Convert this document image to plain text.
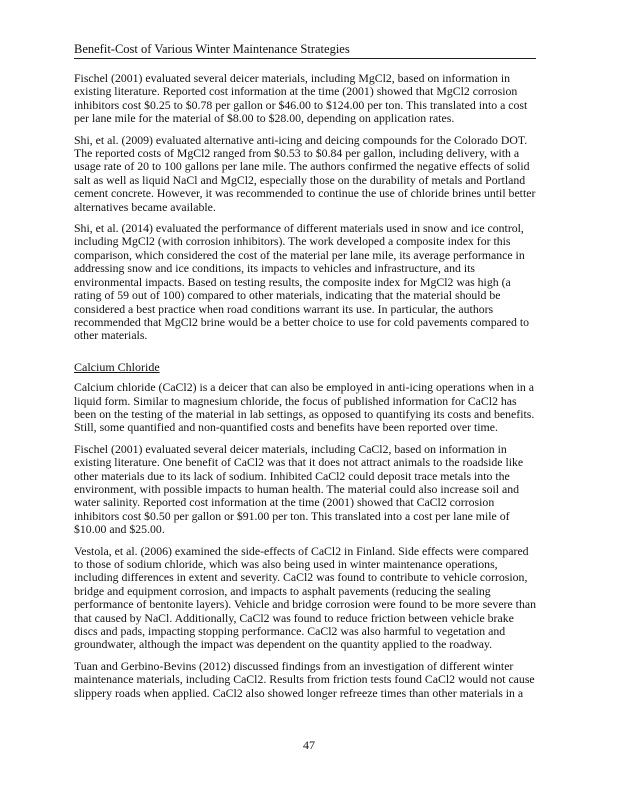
Benefit-Cost of Various Winter Maintenance Strategies

Fischel (2001) evaluated several deicer materials, including MgCl2, based on information in existing literature. Reported cost information at the time (2001) showed that MgCl2 corrosion inhibitors cost $0.25 to $0.78 per gallon or $46.00 to $124.00 per ton. This translated into a cost per lane mile for the material of $8.00 to $28.00, depending on application rates.

Shi, et al. (2009) evaluated alternative anti-icing and deicing compounds for the Colorado DOT. The reported costs of MgCl2 ranged from $0.53 to $0.84 per gallon, including delivery, with a usage rate of 20 to 100 gallons per lane mile. The authors confirmed the negative effects of solid salt as well as liquid NaCl and MgCl2, especially those on the durability of metals and Portland cement concrete. However, it was recommended to continue the use of chloride brines until better alternatives became available.

Shi, et al. (2014) evaluated the performance of different materials used in snow and ice control, including MgCl2 (with corrosion inhibitors). The work developed a composite index for this comparison, which considered the cost of the material per lane mile, its average performance in addressing snow and ice conditions, its impacts to vehicles and infrastructure, and its environmental impacts. Based on testing results, the composite index for MgCl2 was high (a rating of 59 out of 100) compared to other materials, indicating that the material should be considered a best practice when road conditions warrant its use. In particular, the authors recommended that MgCl2 brine would be a better choice to use for cold pavements compared to other materials.

Calcium Chloride

Calcium chloride (CaCl2) is a deicer that can also be employed in anti-icing operations when in a liquid form. Similar to magnesium chloride, the focus of published information for CaCl2 has been on the testing of the material in lab settings, as opposed to quantifying its costs and benefits. Still, some quantified and non-quantified costs and benefits have been reported over time.

Fischel (2001) evaluated several deicer materials, including CaCl2, based on information in existing literature. One benefit of CaCl2 was that it does not attract animals to the roadside like other materials due to its lack of sodium. Inhibited CaCl2 could deposit trace metals into the environment, with possible impacts to human health. The material could also increase soil and water salinity. Reported cost information at the time (2001) showed that CaCl2 corrosion inhibitors cost $0.50 per gallon or $91.00 per ton. This translated into a cost per lane mile of $10.00 and $25.00.

Vestola, et al. (2006) examined the side-effects of CaCl2 in Finland. Side effects were compared to those of sodium chloride, which was also being used in winter maintenance operations, including differences in extent and severity. CaCl2 was found to contribute to vehicle corrosion, bridge and equipment corrosion, and impacts to asphalt pavements (reducing the sealing performance of bentonite layers). Vehicle and bridge corrosion were found to be more severe than that caused by NaCl. Additionally, CaCl2 was found to reduce friction between vehicle brake discs and pads, impacting stopping performance. CaCl2 was also harmful to vegetation and groundwater, although the impact was dependent on the quantity applied to the roadway.

Tuan and Gerbino-Bevins (2012) discussed findings from an investigation of different winter maintenance materials, including CaCl2. Results from friction tests found CaCl2 would not cause slippery roads when applied. CaCl2 also showed longer refreeze times than other materials in a

47
